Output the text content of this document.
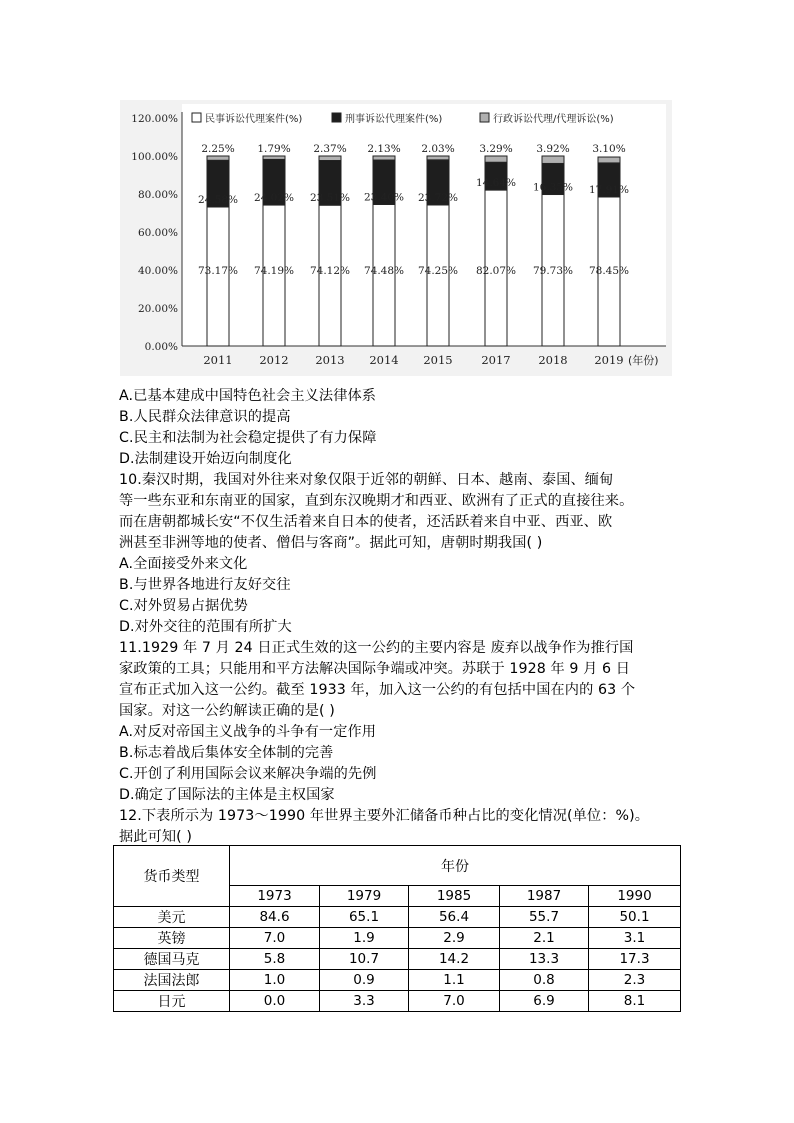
0.00%
20.00%
40.00%
60.00%
80.00%
100.00%
120.00%	民事诉讼代理案件(%)	刑事诉讼代理案件(%)	行政诉讼代理/代理诉讼(%)
73.17%
24.58%
2.25%
2011
74.19%
24.02%
1.79%
2012
74.12%
23.51%
2.37%
2013
74.48%
23.40%
2.13%
2014
74.25%
23.72%
2.03%
2015
82.07%
14.64%
3.29%
2017
79.73%
16.35%
3.92%
2018
78.45%
17.91%
3.10%
2019 (年份)
A.已基本建成中国特色社会主义法律体系
B.人民群众法律意识的提高
C.民主和法制为社会稳定提供了有力保障
D.法制建设开始迈向制度化
10.秦汉时期，我国对外往来对象仅限于近邻的朝鲜、日本、越南、泰国、缅甸
等一些东亚和东南亚的国家，直到东汉晚期才和西亚、欧洲有了正式的直接往来。
而在唐朝都城长安“不仅生活着来自日本的使者，还活跃着来自中亚、西亚、欧
洲甚至非洲等地的使者、僧侣与客商”。据此可知，唐朝时期我国( )
A.全面接受外来文化
B.与世界各地进行友好交往
C.对外贸易占据优势
D.对外交往的范围有所扩大
11.1929 年 7 月 24 日正式生效的这一公约的主要内容是 废弃以战争作为推行国
家政策的工具；只能用和平方法解决国际争端或冲突。苏联于 1928 年 9 月 6 日
宣布正式加入这一公约。截至 1933 年，加入这一公约的有包括中国在内的 63 个
国家。对这一公约解读正确的是( )
A.对反对帝国主义战争的斗争有一定作用
B.标志着战后集体安全体制的完善
C.开创了利用国际会议来解决争端的先例
D.确定了国际法的主体是主权国家
12.下表所示为 1973～1990 年世界主要外汇储备币种占比的变化情况(单位：%)。
据此可知( )
货币类型	年份				
	1973	1979	1985	1987	1990
美元	84.6	65.1	56.4	55.7	50.1
英镑	7.0	1.9	2.9	2.1	3.1
德国马克	5.8	10.7	14.2	13.3	17.3
法国法郎	1.0	0.9	1.1	0.8	2.3
日元	0.0	3.3	7.0	6.9	8.1
